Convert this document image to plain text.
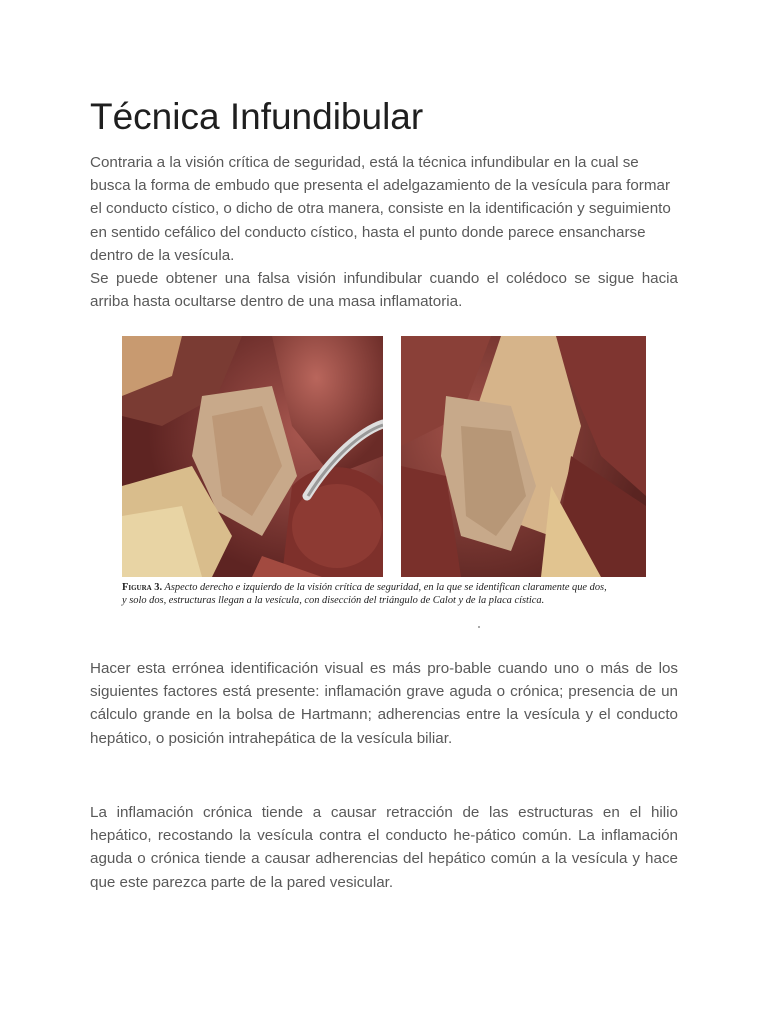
Técnica Infundibular

Contraria a la visión crítica de seguridad, está la técnica infundibular en la cual se busca la forma de embudo que presenta el adelgazamiento de la vesícula para formar el conducto cístico, o dicho de otra manera, consiste en la identificación y seguimiento en sentido cefálico del conducto cístico, hasta el punto donde parece ensancharse dentro de la vesícula.

Se puede obtener una falsa visión infundibular cuando el colédoco se sigue hacia arriba hasta ocultarse dentro de una masa inflamatoria.

Hacer esta errónea identificación visual es más pro-bable cuando uno o más de los siguientes factores está presente: inflamación grave aguda o crónica; presencia de un cálculo grande en la bolsa de Hartmann; adherencias entre la vesícula y el conducto hepático, o posición intrahepática de la vesícula biliar.

La inflamación crónica tiende a causar retracción de las estructuras en el hilio hepático, recostando la vesícula contra el conducto he-pático común. La inflamación aguda o crónica tiende a causar adherencias del hepático común a la vesícula y hace que este parezca parte de la pared vesicular.

Figura 3. Aspecto derecho e izquierdo de la visión crítica de seguridad, en la que se identifican claramente que dos,
y solo dos, estructuras llegan a la vesícula, con disección del triángulo de Calot y de la placa cística.
